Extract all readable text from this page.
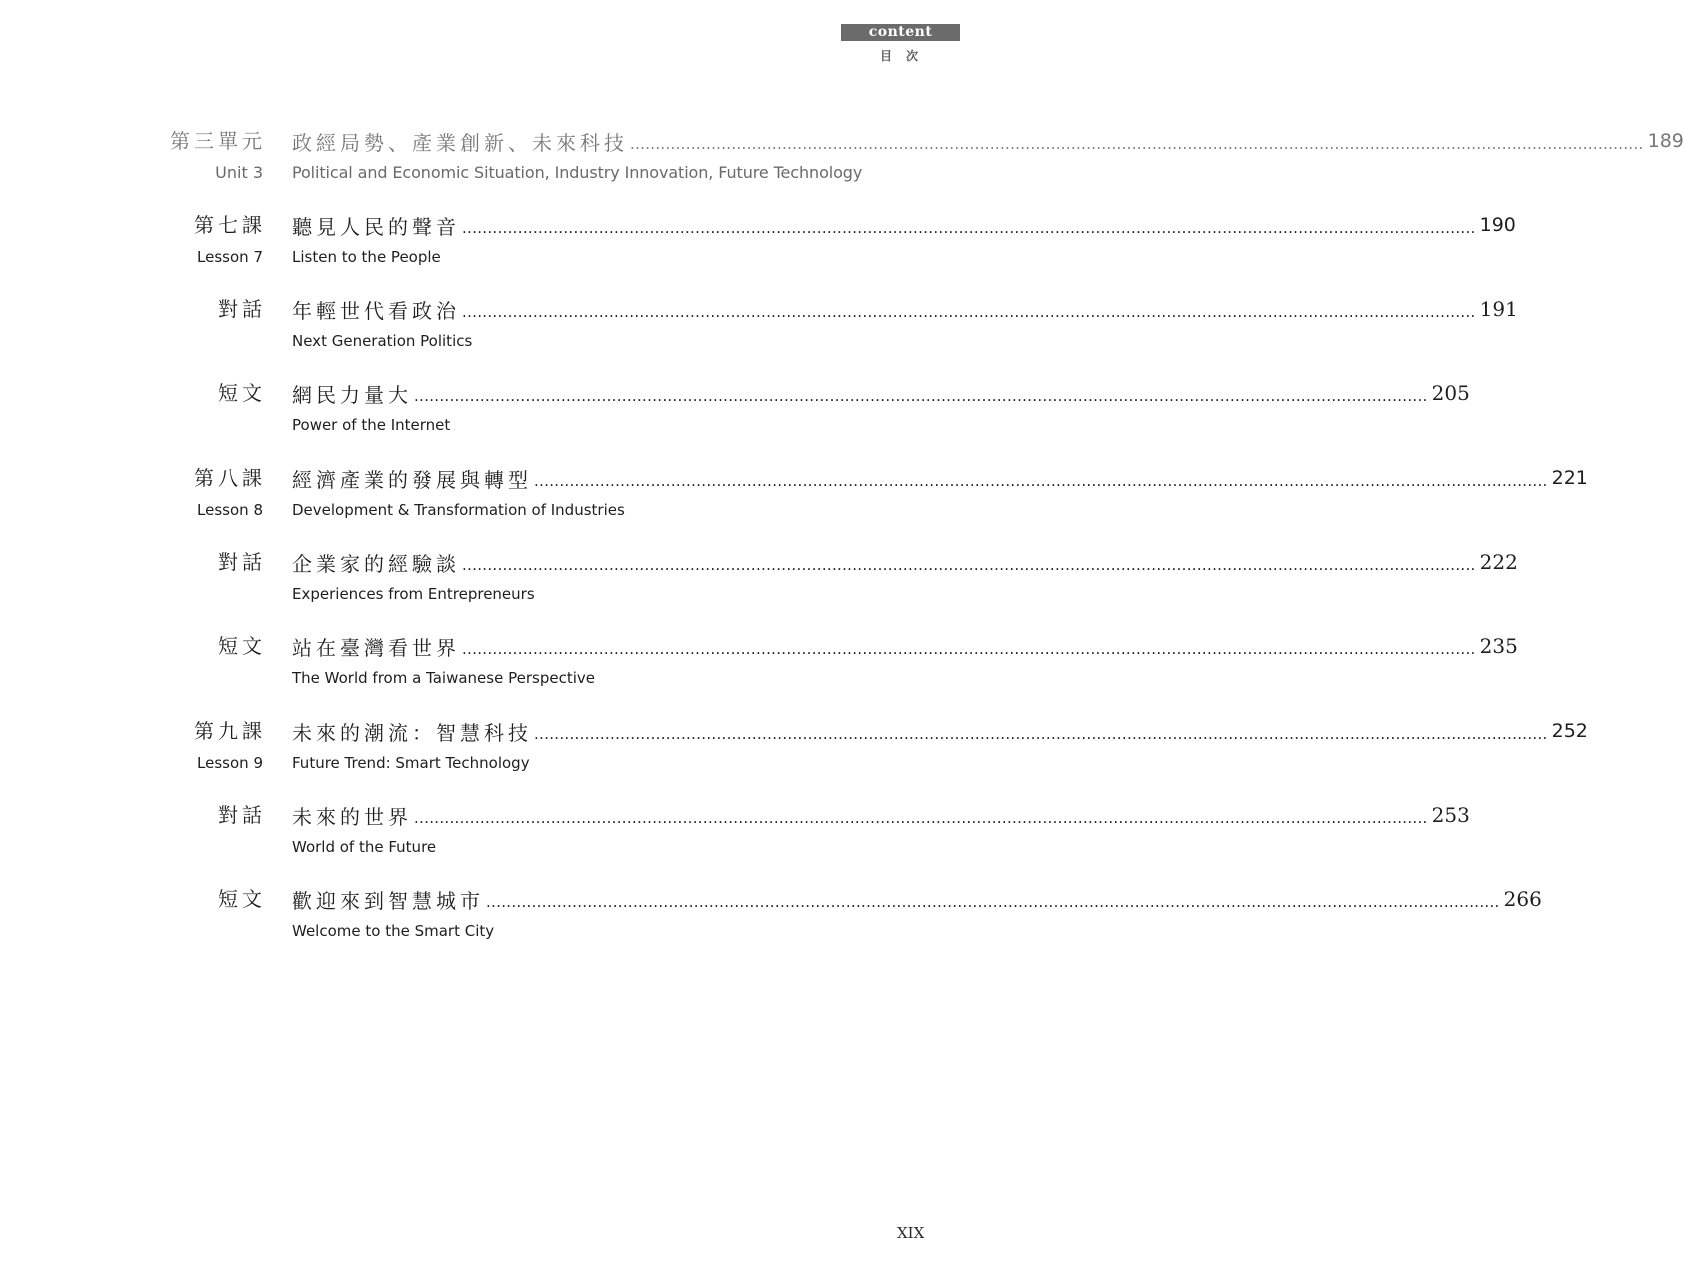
content
目次
第三單元
Unit 3
政經局勢、產業創新、未來科技 ........................................................................................................................................................................................................ 189
Political and Economic Situation, Industry Innovation, Future Technology
第七課
Lesson 7
聽見人民的聲音 ........................................................................................................................................................................................................ 190
Listen to the People
對話 年輕世代看政治 ........................................................................................................................................................................................................ 191
Next Generation Politics
短文 網民力量大 ........................................................................................................................................................................................................ 205
Power of the Internet
第八課
Lesson 8
經濟產業的發展與轉型 ........................................................................................................................................................................................................ 221
Development & Transformation of Industries
對話 企業家的經驗談 ........................................................................................................................................................................................................ 222
Experiences from Entrepreneurs
短文 站在臺灣看世界 ........................................................................................................................................................................................................ 235
The World from a Taiwanese Perspective
第九課
Lesson 9
未來的潮流：智慧科技 ........................................................................................................................................................................................................ 252
Future Trend: Smart Technology
對話 未來的世界 ........................................................................................................................................................................................................ 253
World of the Future
短文 歡迎來到智慧城市 ........................................................................................................................................................................................................ 266
Welcome to the Smart City
XIX
